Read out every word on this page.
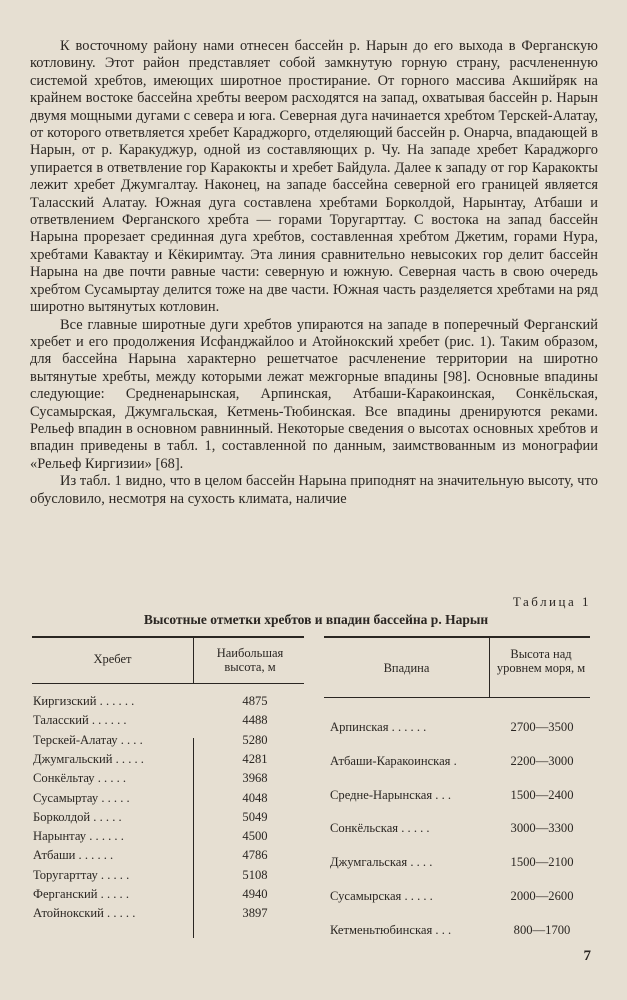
К восточному району нами отнесен бассейн р. Нарын до его выхода в Ферганскую котловину. Этот район представляет собой замкнутую горную страну, расчлененную системой хребтов, имеющих широтное простирание. От горного массива Акшийряк на крайнем востоке бассейна хребты веером расходятся на запад, охватывая бассейн р. Нарын двумя мощными дугами с севера и юга. Северная дуга начинается хребтом Терскей-Алатау, от которого ответвляется хребет Караджорго, отделяющий бассейн р. Онарча, впадающей в Нарын, от р. Каракуджур, одной из составляющих р. Чу. На западе хребет Караджорго упирается в ответвление гор Каракокты и хребет Байдула. Далее к западу от гор Каракокты лежит хребет Джумгалтау. Наконец, на западе бассейна северной его границей является Таласский Алатау. Южная дуга составлена хребтами Борколдой, Нарынтау, Атбаши и ответвлением Ферганского хребта — горами Торугарттау. С востока на запад бассейн Нарына прорезает срединная дуга хребтов, составленная хребтом Джетим, горами Нура, хребтами Кавактау и Кёкиримтау. Эта линия сравнительно невысоких гор делит бассейн Нарына на две почти равные части: северную и южную. Северная часть в свою очередь хребтом Сусамыртау делится тоже на две части. Южная часть разделяется хребтами на ряд широтно вытянутых котловин.

Все главные широтные дуги хребтов упираются на западе в поперечный Ферганский хребет и его продолжения Исфанджайлоо и Атойнокский хребет (рис. 1). Таким образом, для бассейна Нарына характерно решетчатое расчленение территории на широтно вытянутые хребты, между которыми лежат межгорные впадины [98]. Основные впадины следующие: Средненарынская, Арпинская, Атбаши-Каракоинская, Сонкёльская, Сусамырская, Джумгальская, Кетмень-Тюбинская. Все впадины дренируются реками. Рельеф впадин в основном равнинный. Некоторые сведения о высотах основных хребтов и впадин приведены в табл. 1, составленной по данным, заимствованным из монографии «Рельеф Киргизии» [68].

Из табл. 1 видно, что в целом бассейн Нарына приподнят на значительную высоту, что обусловило, несмотря на сухость климата, наличие

Таблица 1
Высотные отметки хребтов и впадин бассейна р. Нарын
Хребет	Наибольшая высота, м
Киргизский . . . . . .	4875
Таласский . . . . . .	4488
Терскей-Алатау . . . .	5280
Джумгальский . . . . .	4281
Сонкёльтау . . . . .	3968
Сусамыртау . . . . .	4048
Борколдой . . . . .	5049
Нарынтау . . . . . .	4500
Атбаши . . . . . .	4786
Торугарттау . . . . .	5108
Ферганский . . . . .	4940
Атойнокский . . . . .	3897
Впадина
Высота над уровнем моря, м
Арпинская . . . . . .	2700—3500
Атбаши-Каракоинская .	2200—3000
Средне-Нарынская . . .	1500—2400
Сонкёльская . . . . .	3000—3300
Джумгальская . . . .	1500—2100
Сусамырская . . . . .	2000—2600
Кетменьтюбинская . . .	800—1700
7
